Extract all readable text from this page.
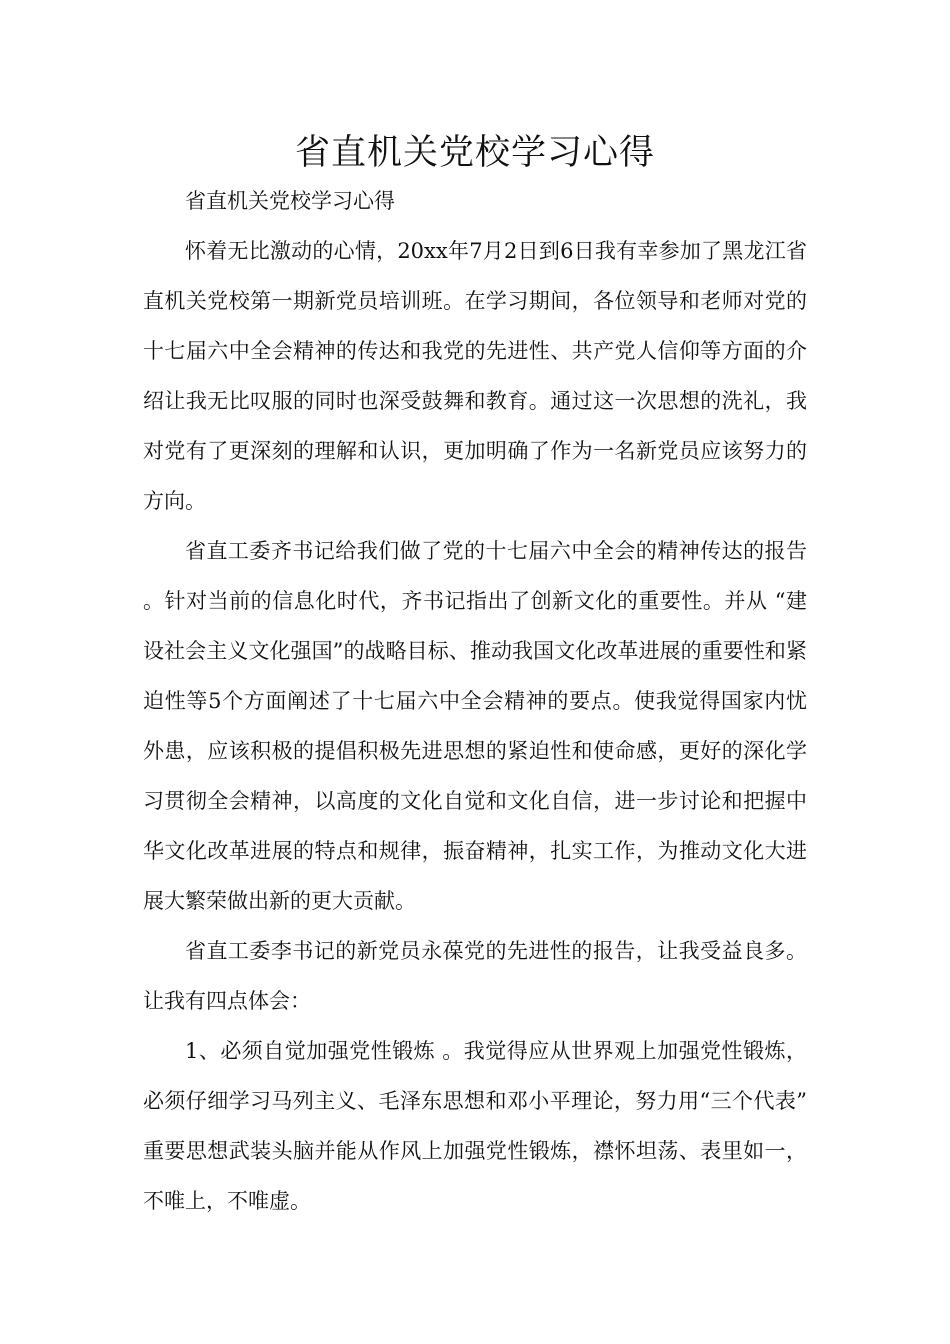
省直机关党校学习心得

省直机关党校学习心得

怀着无比激动的心情，20xx年7月2日到6日我有幸参加了黑龙江省直机关党校第一期新党员培训班。在学习期间，各位领导和老师对党的十七届六中全会精神的传达和我党的先进性、共产党人信仰等方面的介绍让我无比叹服的同时也深受鼓舞和教育。通过这一次思想的洗礼，我对党有了更深刻的理解和认识，更加明确了作为一名新党员应该努力的方向。

省直工委齐书记给我们做了党的十七届六中全会的精神传达的报告。针对当前的信息化时代，齐书记指出了创新文化的重要性。并从 “建设社会主义文化强国”的战略目标、推动我国文化改革进展的重要性和紧迫性等5个方面阐述了十七届六中全会精神的要点。使我觉得国家内忧外患，应该积极的提倡积极先进思想的紧迫性和使命感，更好的深化学习贯彻全会精神，以高度的文化自觉和文化自信，进一步讨论和把握中华文化改革进展的特点和规律，振奋精神，扎实工作，为推动文化大进展大繁荣做出新的更大贡献。

省直工委李书记的新党员永葆党的先进性的报告，让我受益良多。让我有四点体会：

1、必须自觉加强党性锻炼 。我觉得应从世界观上加强党性锻炼，必须仔细学习马列主义、毛泽东思想和邓小平理论，努力用“三个代表”重要思想武装头脑并能从作风上加强党性锻炼，襟怀坦荡、表里如一，不唯上，不唯虚。
